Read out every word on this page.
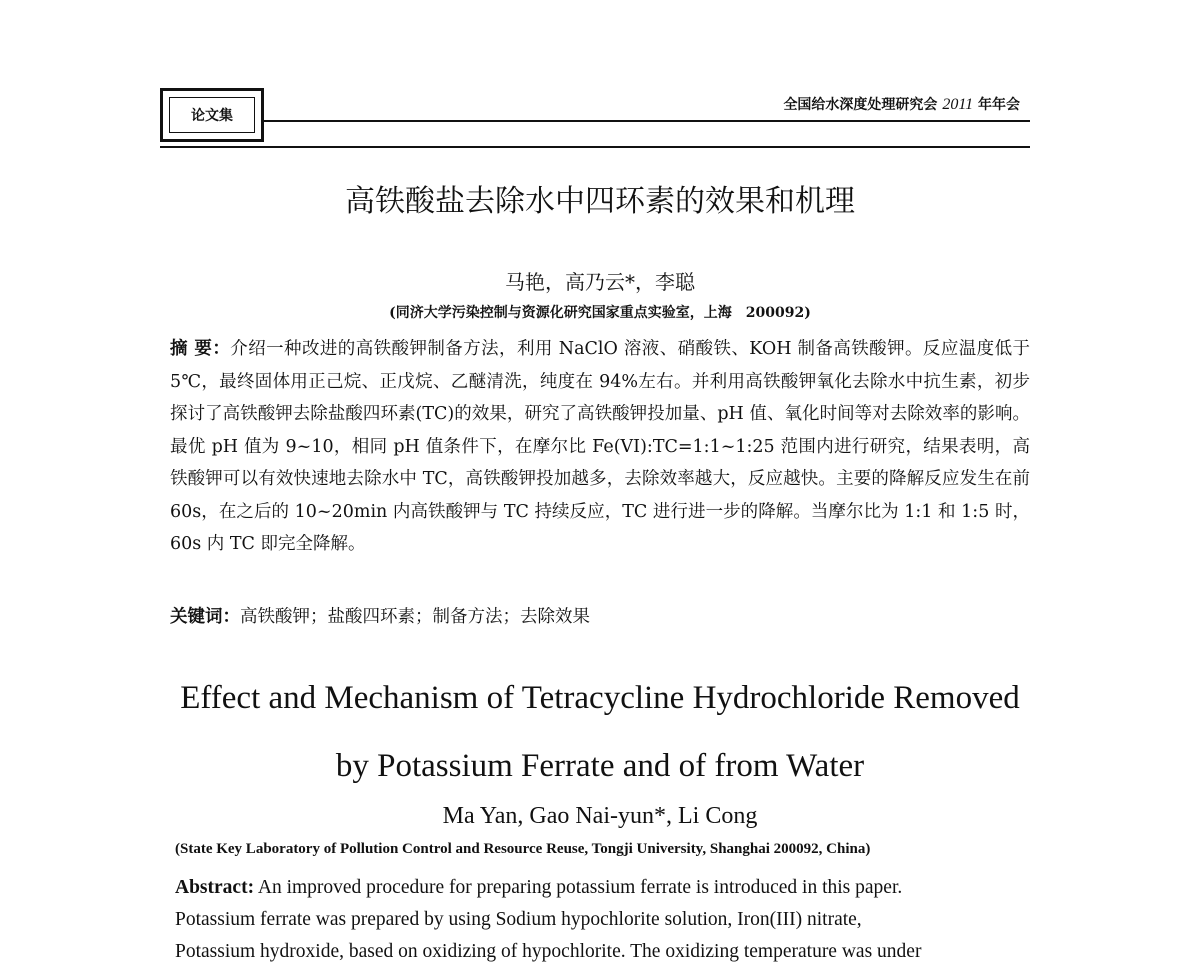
论文集
全国给水深度处理研究会 2011 年年会
高铁酸盐去除水中四环素的效果和机理
马艳，高乃云*，李聪
(同济大学污染控制与资源化研究国家重点实验室，上海　200092)
摘 要：介绍一种改进的高铁酸钾制备方法，利用 NaClO 溶液、硝酸铁、KOH 制备高铁酸钾。反应温度低于 5℃，最终固体用正己烷、正戊烷、乙醚清洗，纯度在 94%左右。并利用高铁酸钾氧化去除水中抗生素，初步探讨了高铁酸钾去除盐酸四环素(TC)的效果，研究了高铁酸钾投加量、pH 值、氧化时间等对去除效率的影响。最优 pH 值为 9~10，相同 pH 值条件下，在摩尔比 Fe(VI):TC=1:1~1:25 范围内进行研究，结果表明，高铁酸钾可以有效快速地去除水中 TC，高铁酸钾投加越多，去除效率越大，反应越快。主要的降解反应发生在前 60s，在之后的 10~20min 内高铁酸钾与 TC 持续反应，TC 进行进一步的降解。当摩尔比为 1:1 和 1:5 时，60s 内 TC 即完全降解。
关键词：高铁酸钾；盐酸四环素；制备方法；去除效果
Effect and Mechanism of Tetracycline Hydrochloride Removed
by Potassium Ferrate and of from Water
Ma Yan, Gao Nai-yun*, Li Cong
(State Key Laboratory of Pollution Control and Resource Reuse, Tongji University, Shanghai 200092, China)
Abstract: An improved procedure for preparing potassium ferrate is introduced in this paper.
Potassium ferrate was prepared by using Sodium hypochlorite solution, Iron(III) nitrate,
Potassium hydroxide, based on oxidizing of hypochlorite. The oxidizing temperature was under
